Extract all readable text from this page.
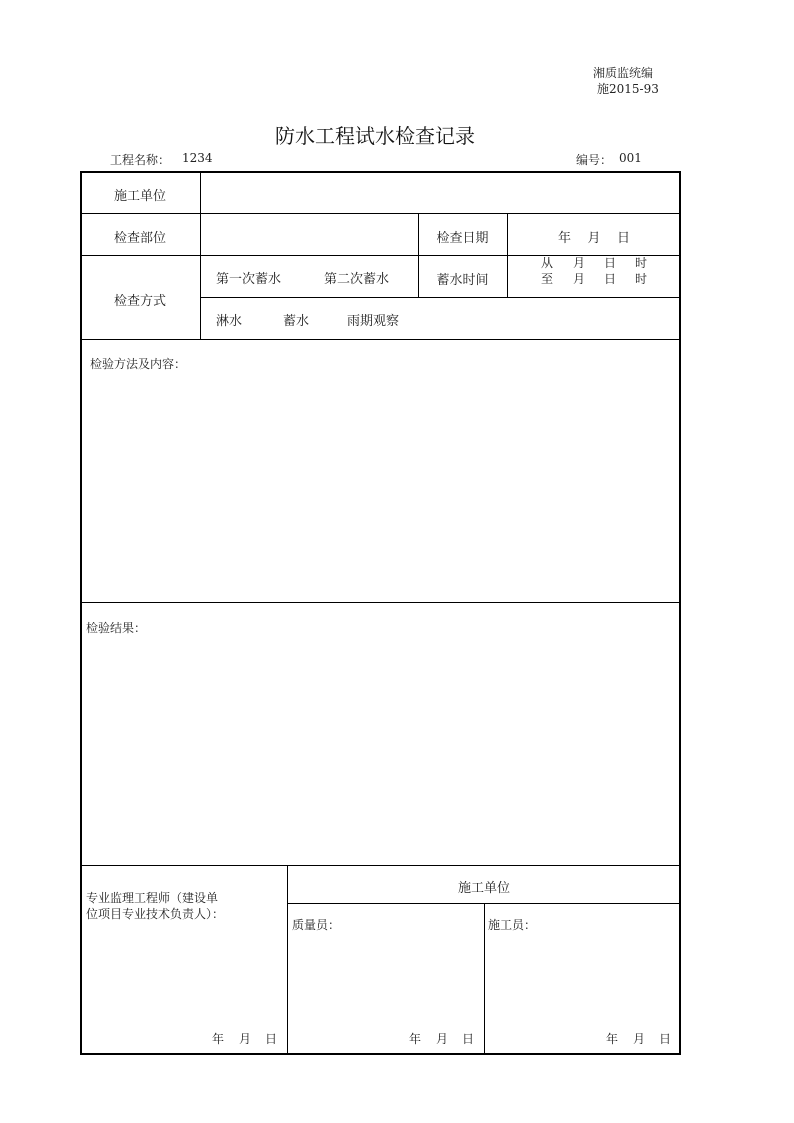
湘质监统编
施2015-93
防水工程试水检查记录
工程名称： 1234	编号： 001
施工单位
检查部位	检查日期	年    月    日
检查方式
第一次蓄水	第二次蓄水	蓄水时间
从 月 日 时
至 月 日 时
淋水	蓄水	雨期观察
检验方法及内容：
检验结果：
专业监理工程师（建设单
位项目专业技术负责人）：
施工单位
质量员：	施工员：
年 月 日	年 月 日	年 月 日
